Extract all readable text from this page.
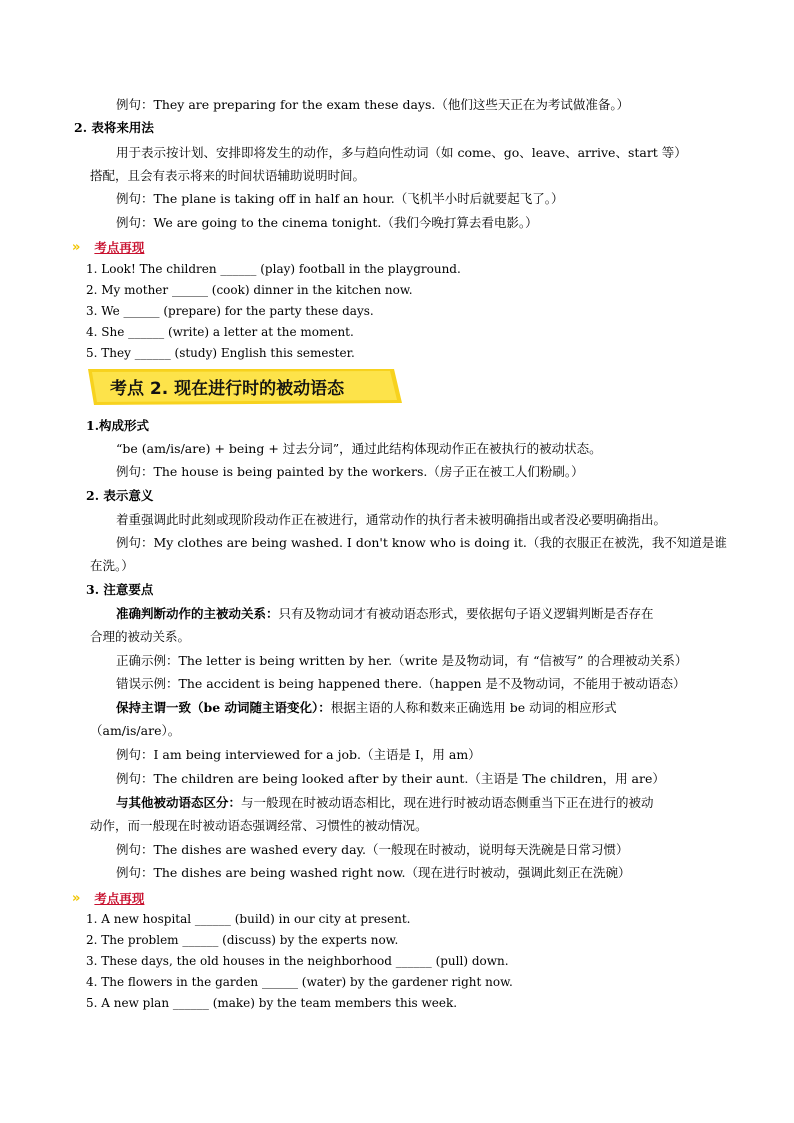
例句：They are preparing for the exam these days.（他们这些天正在为考试做准备。）
2. 表将来用法
用于表示按计划、安排即将发生的动作，多与趋向性动词（如 come、go、leave、arrive、start 等）
搭配，且会有表示将来的时间状语辅助说明时间。
例句：The plane is taking off in half an hour.（飞机半小时后就要起飞了。）
例句：We are going to the cinema tonight.（我们今晚打算去看电影。）
» 考点再现
1. Look! The children ______ (play) football in the playground.
2. My mother ______ (cook) dinner in the kitchen now.
3. We ______ (prepare) for the party these days.
4. She ______ (write) a letter at the moment.
5. They ______ (study) English this semester.
考点 2. 现在进行时的被动语态
1.构成形式
“be (am/is/are) + being + 过去分词”，通过此结构体现动作正在被执行的被动状态。
例句：The house is being painted by the workers.（房子正在被工人们粉刷。）
2. 表示意义
着重强调此时此刻或现阶段动作正在被进行，通常动作的执行者未被明确指出或者没必要明确指出。
例句：My clothes are being washed. I don't know who is doing it.（我的衣服正在被洗，我不知道是谁
在洗。）
3. 注意要点
准确判断动作的主被动关系：只有及物动词才有被动语态形式，要依据句子语义逻辑判断是否存在
合理的被动关系。
正确示例：The letter is being written by her.（write 是及物动词，有 “信被写” 的合理被动关系）
错误示例：The accident is being happened there.（happen 是不及物动词，不能用于被动语态）
保持主谓一致（be 动词随主语变化）：根据主语的人称和数来正确选用 be 动词的相应形式
（am/is/are）。
例句：I am being interviewed for a job.（主语是 I，用 am）
例句：The children are being looked after by their aunt.（主语是 The children，用 are）
与其他被动语态区分：与一般现在时被动语态相比，现在进行时被动语态侧重当下正在进行的被动
动作，而一般现在时被动语态强调经常、习惯性的被动情况。
例句：The dishes are washed every day.（一般现在时被动，说明每天洗碗是日常习惯）
例句：The dishes are being washed right now.（现在进行时被动，强调此刻正在洗碗）
» 考点再现
1. A new hospital ______ (build) in our city at present.
2. The problem ______ (discuss) by the experts now.
3. These days, the old houses in the neighborhood ______ (pull) down.
4. The flowers in the garden ______ (water) by the gardener right now.
5. A new plan ______ (make) by the team members this week.
